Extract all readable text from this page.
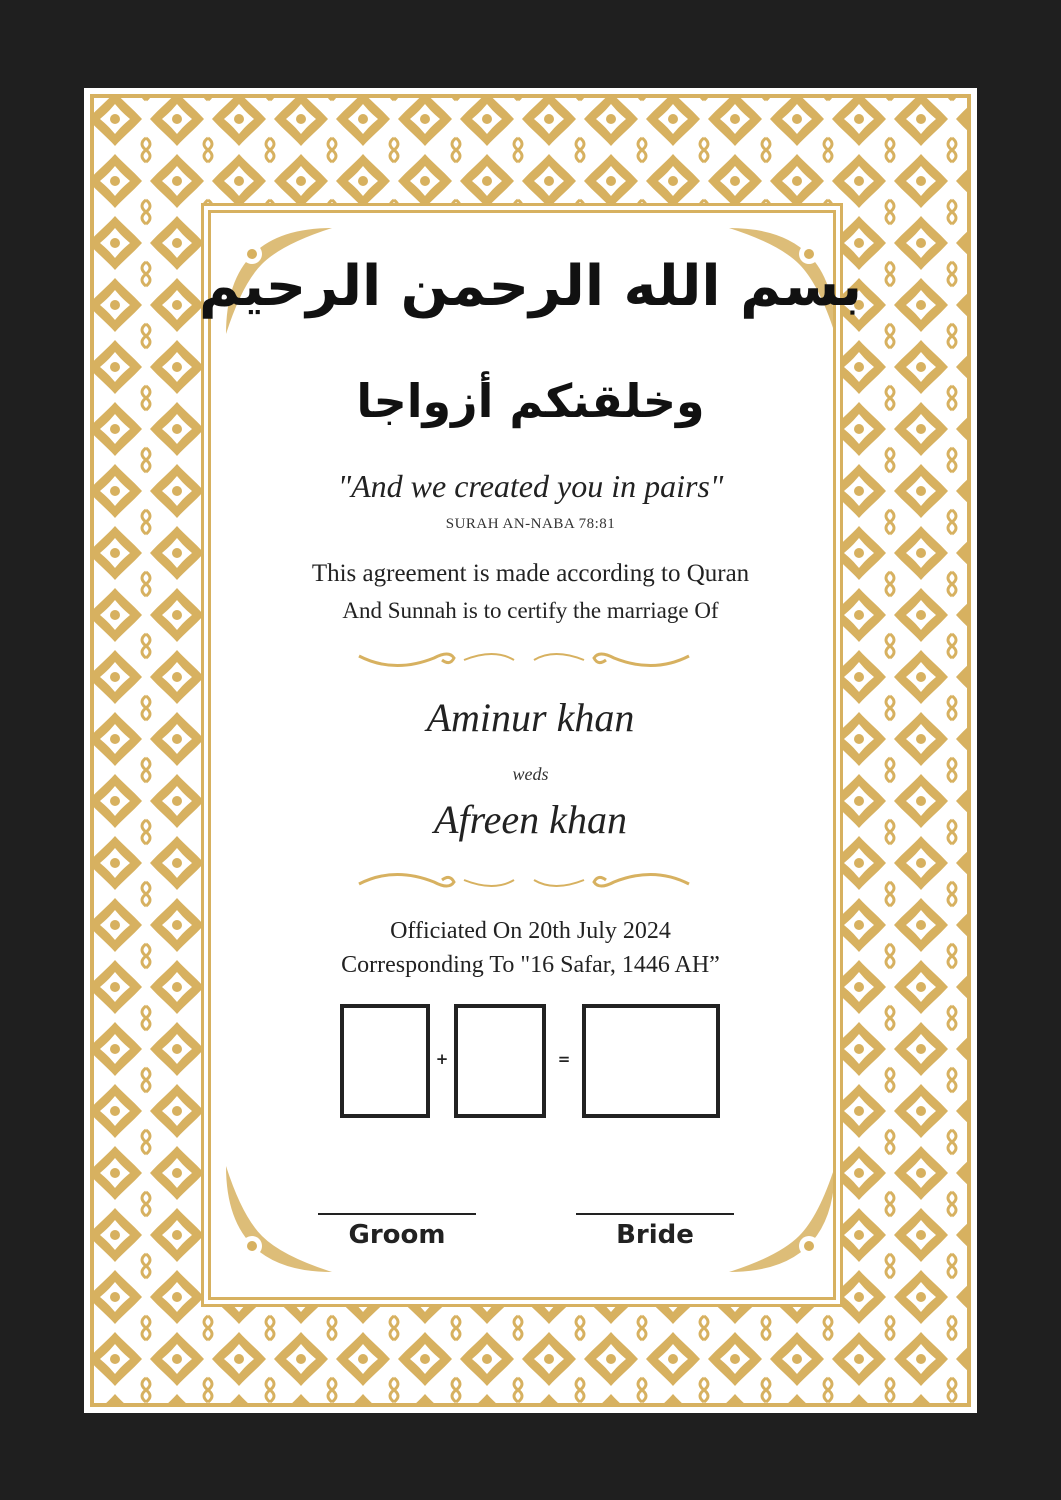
بسم الله الرحمن الرحيم
وخلقنكم أزواجا
"And we created you in pairs"
SURAH AN-NABA 78:81
This agreement is made according to Quran
And Sunnah is to certify the marriage Of
Aminur khan
weds
Afreen khan
Officiated On 20th July 2024
Corresponding To "16 Safar, 1446 AH”
+	=
Groom	Bride
